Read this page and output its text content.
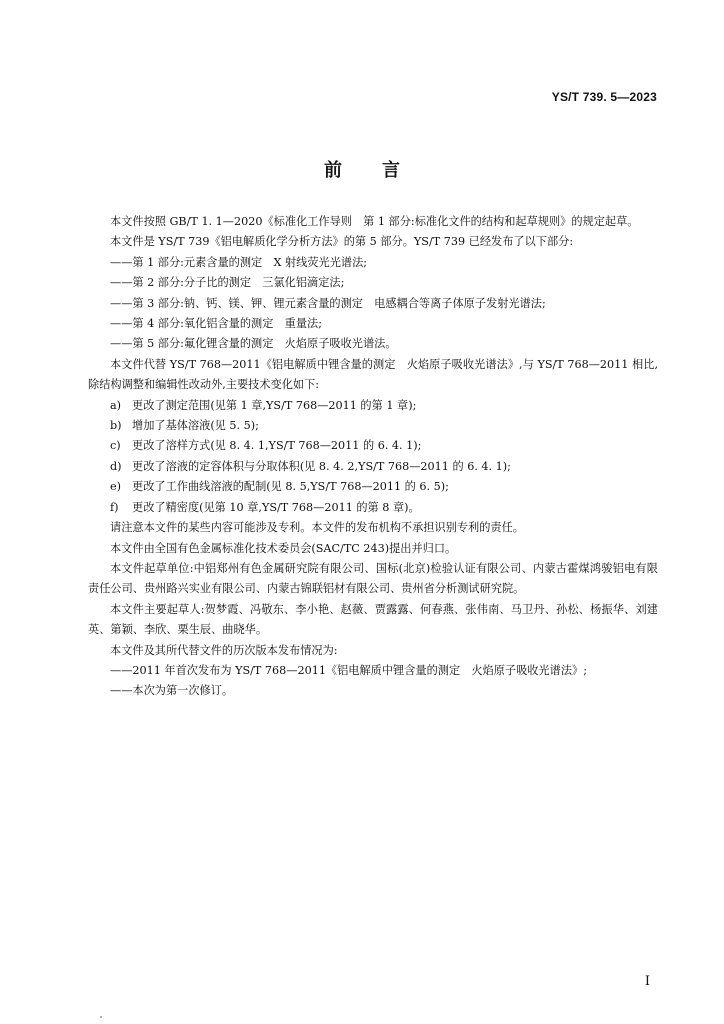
YS/T 739. 5—2023
前言

本文件按照 GB/T 1. 1—2020《标准化工作导则　第 1 部分:标准化文件的结构和起草规则》的规定起草。

本文件是 YS/T 739《铝电解质化学分析方法》的第 5 部分。YS/T 739 已经发布了以下部分:

——第 1 部分:元素含量的测定　X 射线荧光光谱法;

——第 2 部分:分子比的测定　三氯化铝滴定法;

——第 3 部分:钠、钙、镁、钾、锂元素含量的测定　电感耦合等离子体原子发射光谱法;

——第 4 部分:氧化铝含量的测定　重量法;

——第 5 部分:氟化锂含量的测定　火焰原子吸收光谱法。

本文件代替 YS/T 768—2011《铝电解质中锂含量的测定　火焰原子吸收光谱法》,与 YS/T 768—2011 相比,除结构调整和编辑性改动外,主要技术变化如下:

a) 更改了测定范围(见第 1 章,YS/T 768—2011 的第 1 章);

b) 增加了基体溶液(见 5. 5);

c) 更改了溶样方式(见 8. 4. 1,YS/T 768—2011 的 6. 4. 1);

d) 更改了溶液的定容体积与分取体积(见 8. 4. 2,YS/T 768—2011 的 6. 4. 1);

e) 更改了工作曲线溶液的配制(见 8. 5,YS/T 768—2011 的 6. 5);

f) 更改了精密度(见第 10 章,YS/T 768—2011 的第 8 章)。

请注意本文件的某些内容可能涉及专利。本文件的发布机构不承担识别专利的责任。

本文件由全国有色金属标准化技术委员会(SAC/TC 243)提出并归口。

本文件起草单位:中铝郑州有色金属研究院有限公司、国标(北京)检验认证有限公司、内蒙古霍煤鸿骏铝电有限责任公司、贵州路兴实业有限公司、内蒙古锦联铝材有限公司、贵州省分析测试研究院。

本文件主要起草人:贺梦霞、冯敬东、李小艳、赵薇、贾露露、何春燕、张伟南、马卫丹、孙松、杨振华、刘建英、第颖、李欣、栗生辰、曲晓华。

本文件及其所代替文件的历次版本发布情况为:

——2011 年首次发布为 YS/T 768—2011《铝电解质中锂含量的测定　火焰原子吸收光谱法》;

——本次为第一次修订。

I
